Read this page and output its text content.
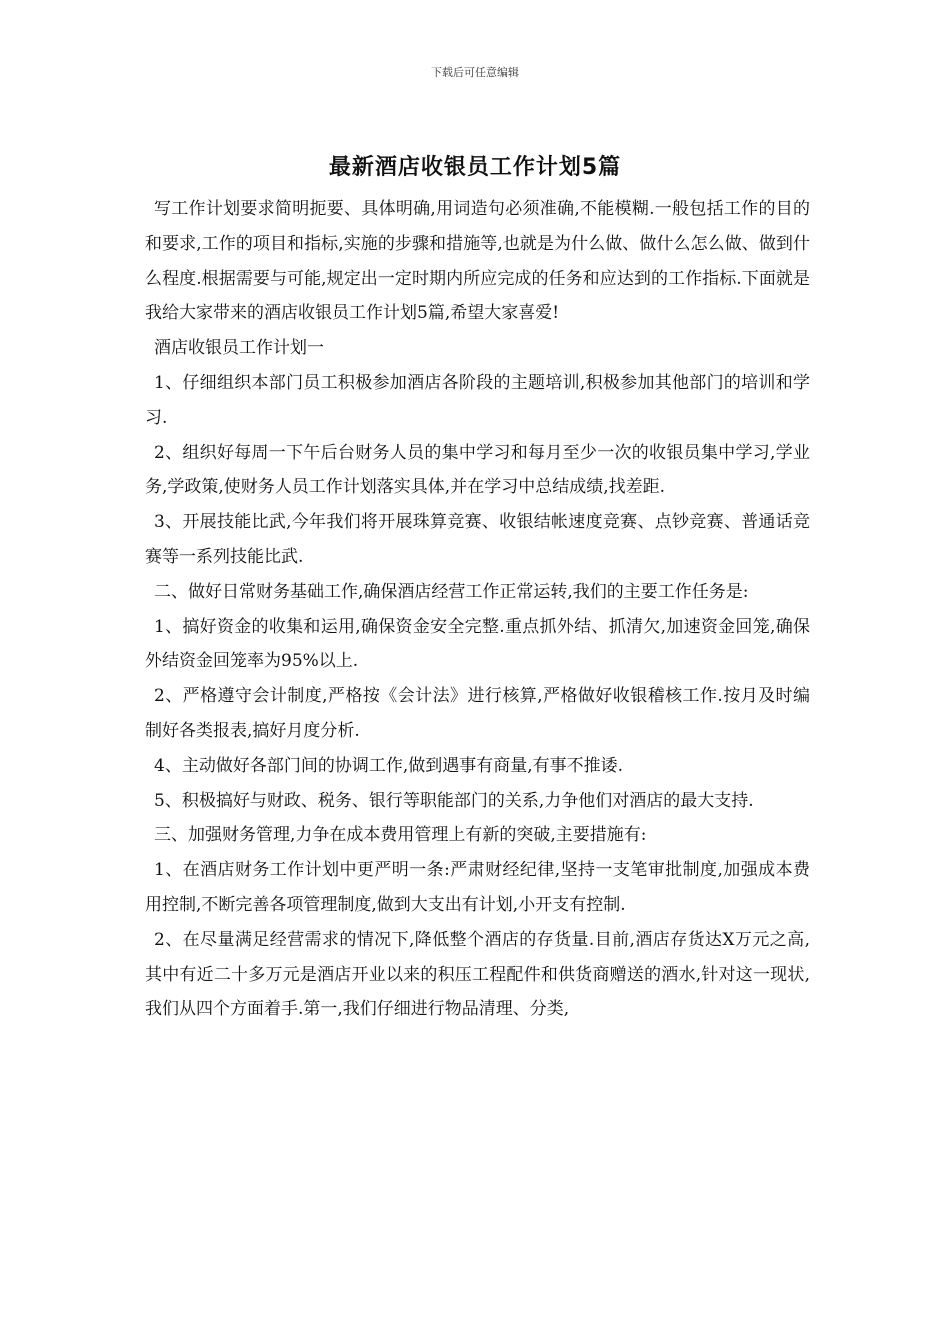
下载后可任意编辑
最新酒店收银员工作计划5篇

写工作计划要求简明扼要、具体明确,用词造句必须准确,不能模糊.一般包括工作的目的和要求,工作的项目和指标,实施的步骤和措施等,也就是为什么做、做什么怎么做、做到什么程度.根据需要与可能,规定出一定时期内所应完成的任务和应达到的工作指标.下面就是我给大家带来的酒店收银员工作计划5篇,希望大家喜爱!

酒店收银员工作计划一

1、仔细组织本部门员工积极参加酒店各阶段的主题培训,积极参加其他部门的培训和学习.

2、组织好每周一下午后台财务人员的集中学习和每月至少一次的收银员集中学习,学业务,学政策,使财务人员工作计划落实具体,并在学习中总结成绩,找差距.

3、开展技能比武,今年我们将开展珠算竞赛、收银结帐速度竞赛、点钞竞赛、普通话竞赛等一系列技能比武.

二、做好日常财务基础工作,确保酒店经营工作正常运转,我们的主要工作任务是:

1、搞好资金的收集和运用,确保资金安全完整.重点抓外结、抓清欠,加速资金回笼,确保外结资金回笼率为95%以上.

2、严格遵守会计制度,严格按《会计法》进行核算,严格做好收银稽核工作.按月及时编制好各类报表,搞好月度分析.

4、主动做好各部门间的协调工作,做到遇事有商量,有事不推诿.

5、积极搞好与财政、税务、银行等职能部门的关系,力争他们对酒店的最大支持.

三、加强财务管理,力争在成本费用管理上有新的突破,主要措施有:

1、在酒店财务工作计划中更严明一条:严肃财经纪律,坚持一支笔审批制度,加强成本费用控制,不断完善各项管理制度,做到大支出有计划,小开支有控制.

2、在尽量满足经营需求的情况下,降低整个酒店的存货量.目前,酒店存货达X万元之高,其中有近二十多万元是酒店开业以来的积压工程配件和供货商赠送的酒水,针对这一现状,我们从四个方面着手.第一,我们仔细进行物品清理、分类,
